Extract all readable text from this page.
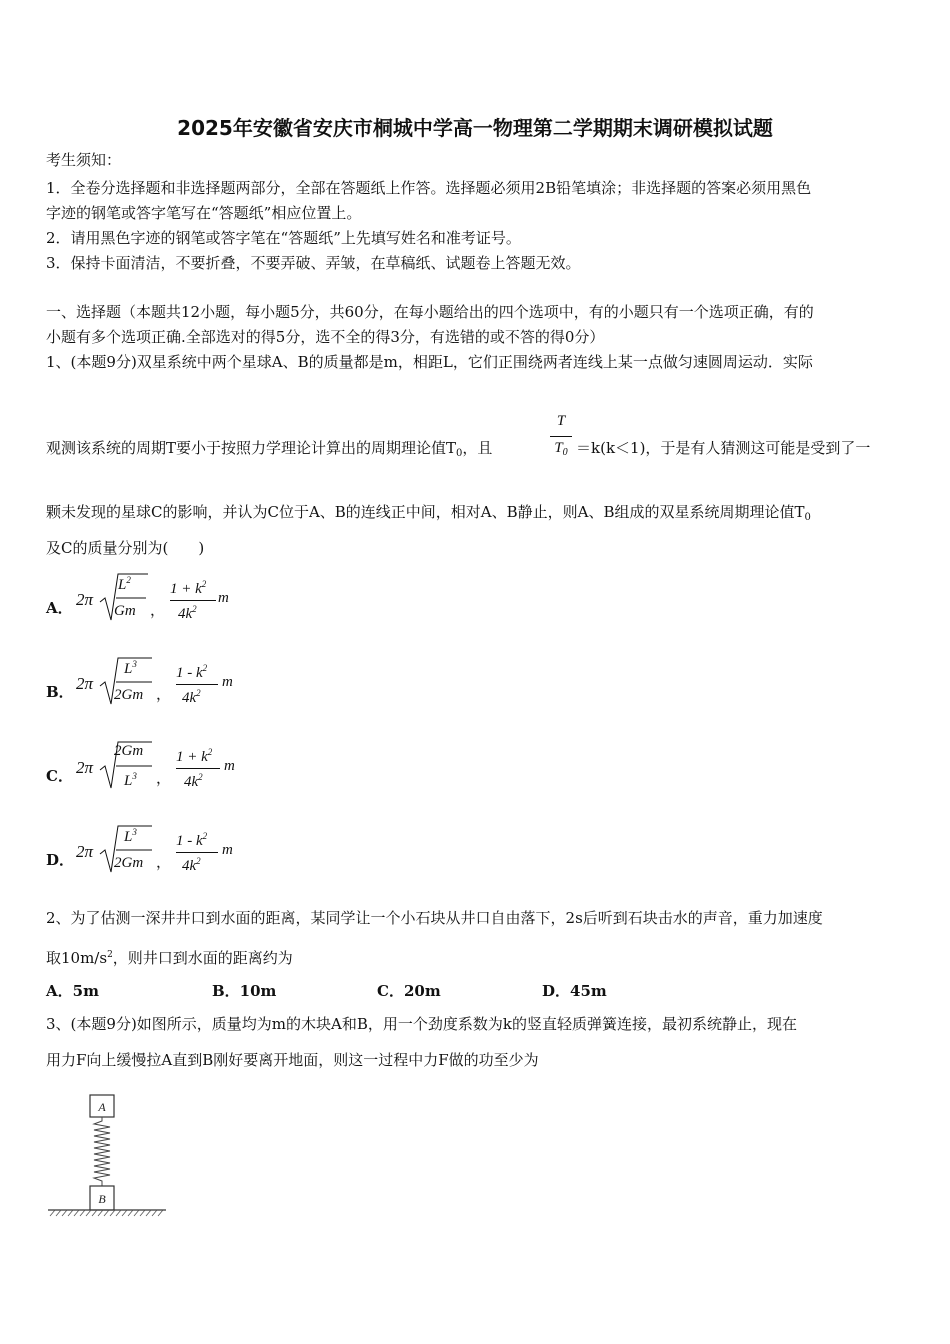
2025年安徽省安庆市桐城中学高一物理第二学期期末调研模拟试题
考生须知：
1．全卷分选择题和非选择题两部分，全部在答题纸上作答。选择题必须用2B铅笔填涂；非选择题的答案必须用黑色
字迹的钢笔或答字笔写在“答题纸”相应位置上。
2．请用黑色字迹的钢笔或答字笔在“答题纸”上先填写姓名和准考证号。
3．保持卡面清洁，不要折叠，不要弄破、弄皱，在草稿纸、试题卷上答题无效。
一、选择题（本题共12小题，每小题5分，共60分，在每小题给出的四个选项中，有的小题只有一个选项正确，有的
小题有多个选项正确.全部选对的得5分，选不全的得3分，有选错的或不答的得0分）
1、(本题9分)双星系统中两个星球A、B的质量都是m，相距L，它们正围绕两者连线上某一点做匀速圆周运动．实际
观测该系统的周期T要小于按照力学理论计算出的周期理论值$T_0$，且
T
$T_0 =k(k<1)$，于是有人猜测这可能是受到了一
颗未发现的星球C的影响，并认为C位于A、B的连线正中间，相对A、B静止，则A、B组成的双星系统周期理论值$T_0$
及C的质量分别为(　　)
A． 2π
$L^2$
Gm ，
$1 + k^2$
$4k^2$
m
B． 2π
$L^3$
2Gm ，
$1 - k^2$
$4k^2$
m
C． 2π
2Gm
$L^3$ ，
$1 + k^2$
$4k^2$
m
D． 2π
$L^3$
2Gm ，
$1 - k^2$
$4k^2$
m
2、为了估测一深井井口到水面的距离，某同学让一个小石块从井口自由落下，2s后听到石块击水的声音，重力加速度
取$10m/s^2$，则井口到水面的距离约为
A．5m	B．10m	C．20m	D．45m
3、(本题9分)如图所示，质量均为m的木块A和B，用一个劲度系数为k的竖直轻质弹簧连接，最初系统静止，现在
用力F向上缓慢拉A直到B刚好要离开地面，则这一过程中力F做的功至少为
A
B
